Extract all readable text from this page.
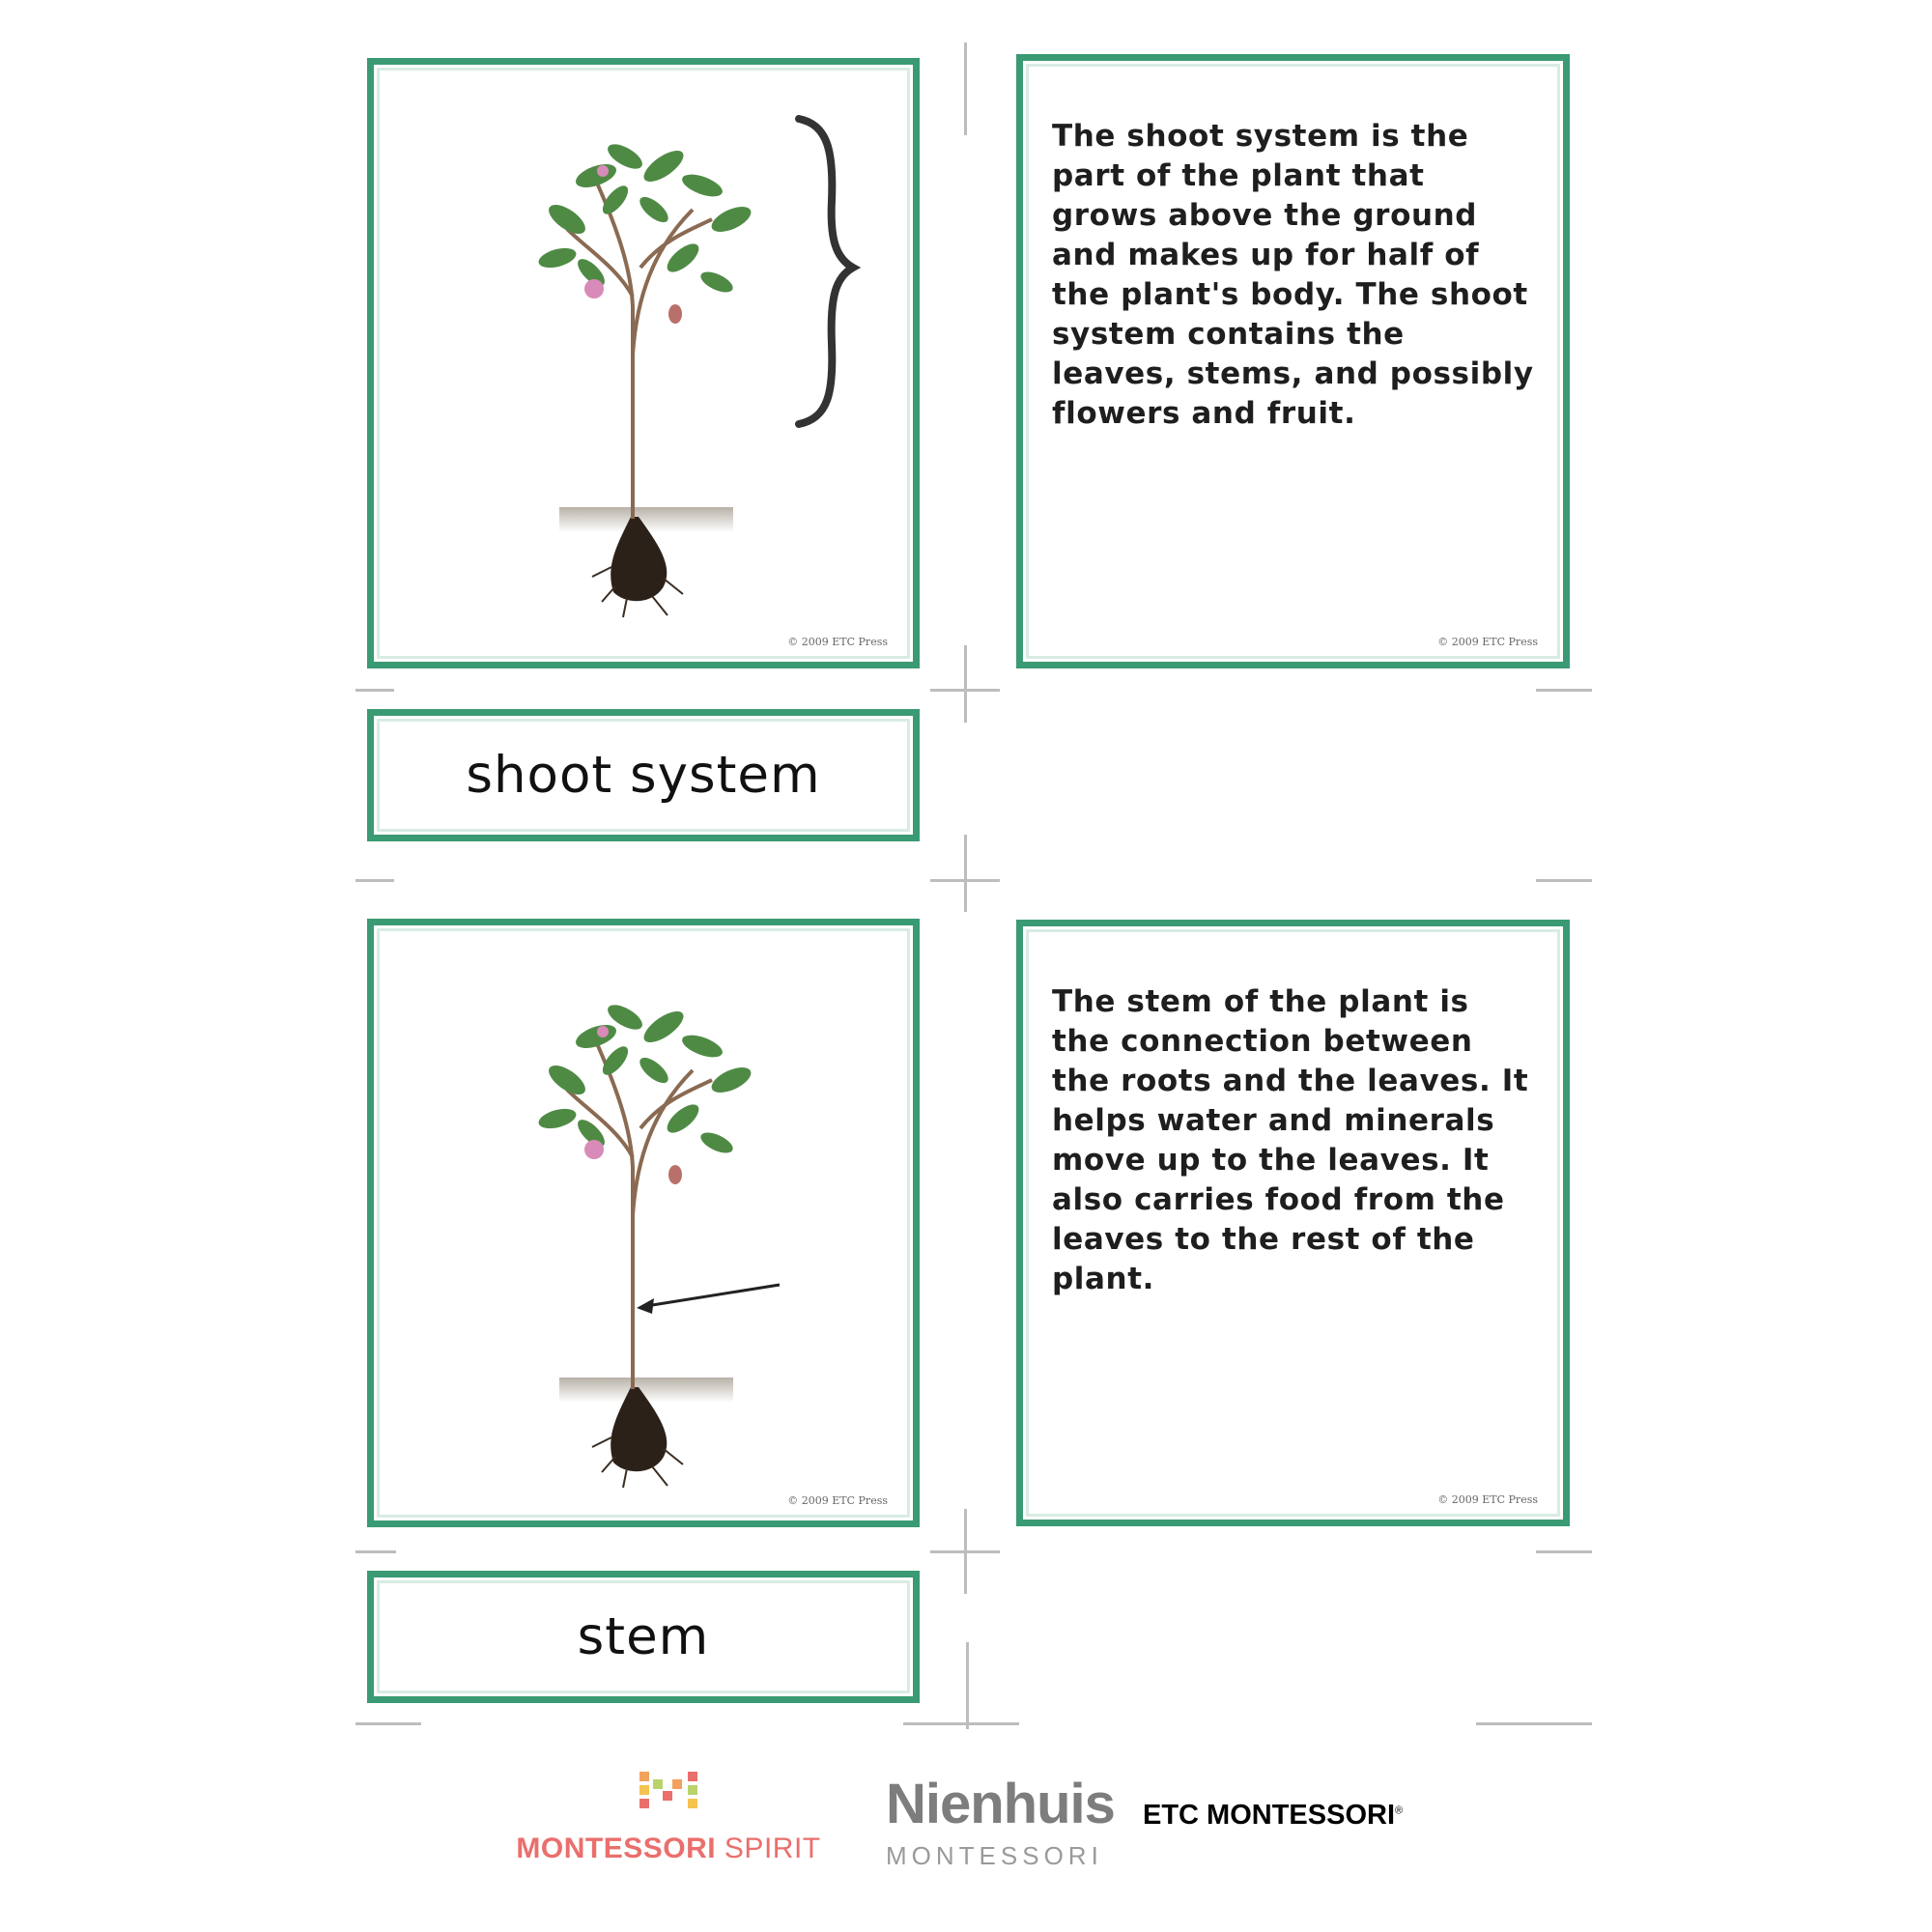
© 2009 ETC Press

The shoot system is the part of the plant that grows above the ground and makes up for half of the plant's body. The shoot system contains the leaves, stems, and possibly flowers and fruit.

© 2009 ETC Press
shoot system
© 2009 ETC Press

The stem of the plant is the connection between the roots and the leaves. It helps water and minerals move up to the leaves. It also carries food from the leaves to the rest of the plant.

© 2009 ETC Press
stem
MONTESSORI SPIRIT
Nienhuis
MONTESSORI
ETC MONTESSORI®
